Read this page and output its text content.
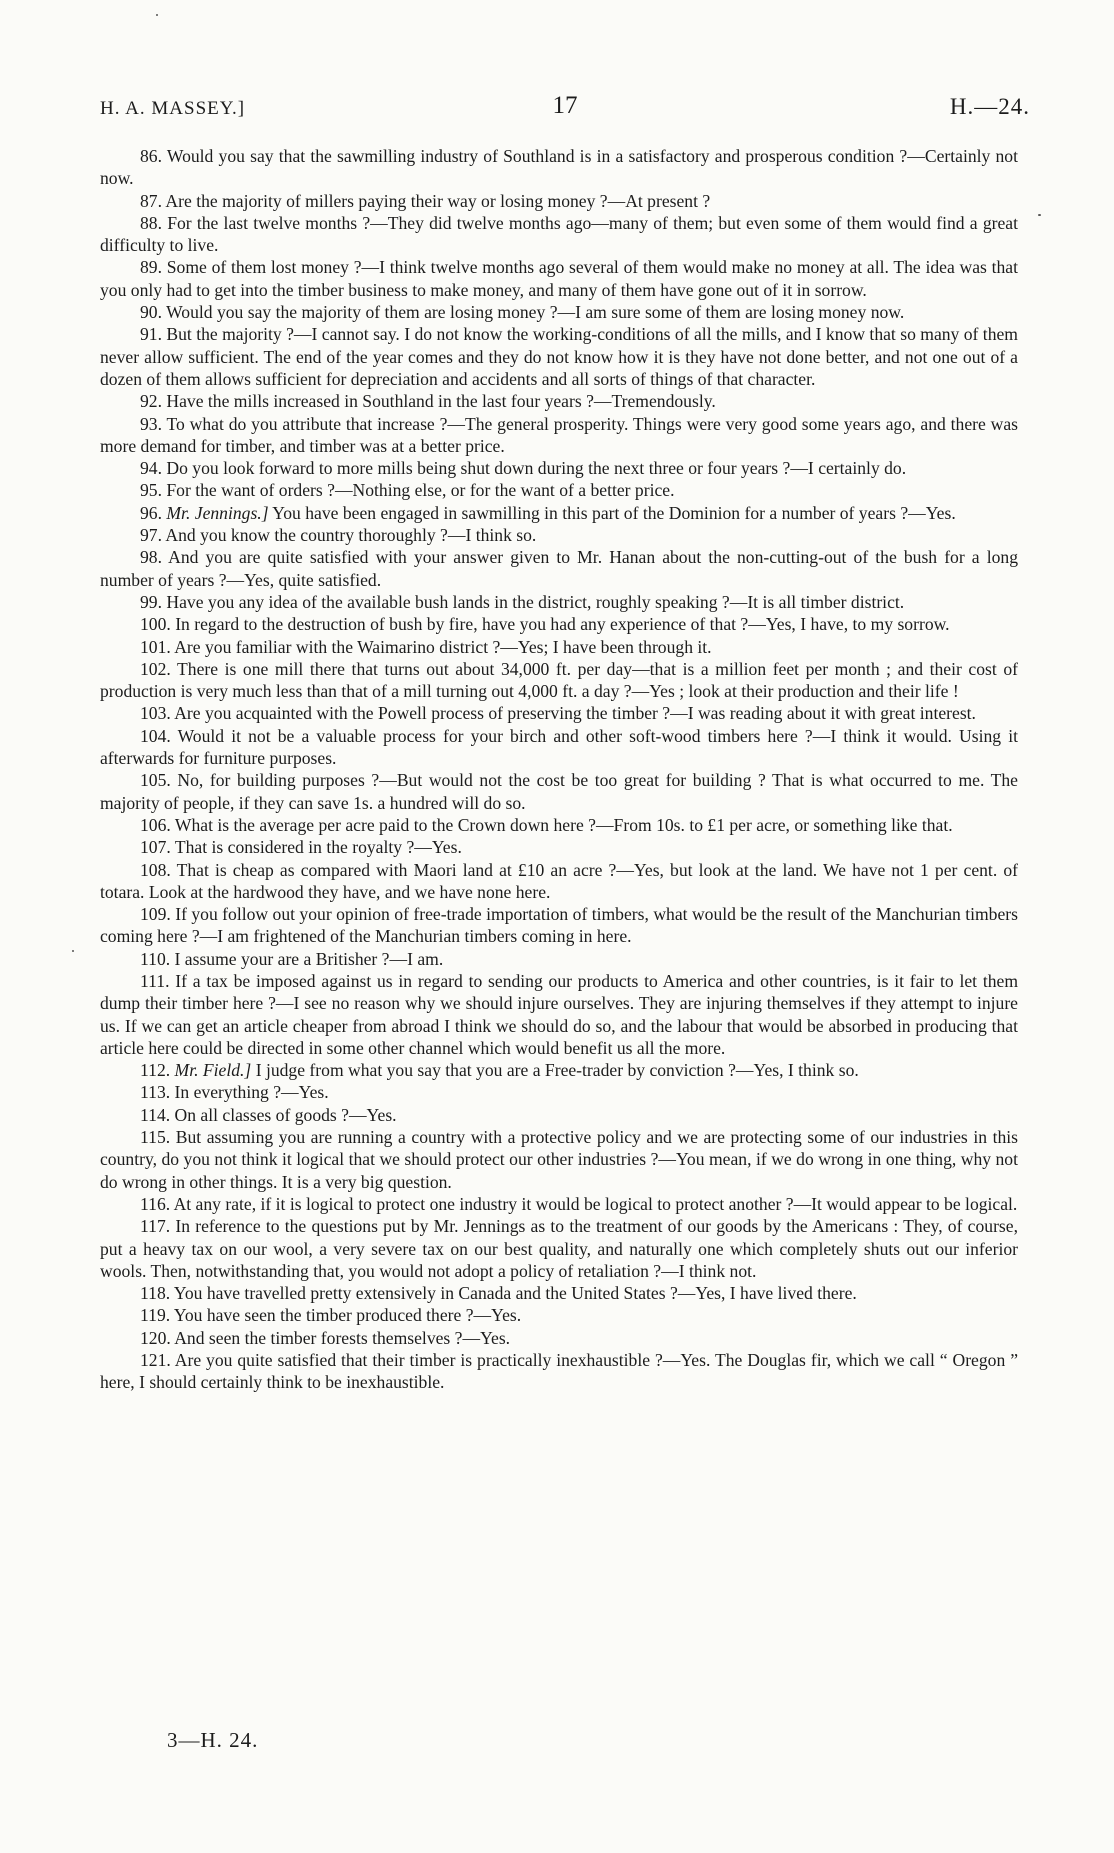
H. A. MASSEY.]	17	H.—24.

86. Would you say that the sawmilling industry of Southland is in a satisfactory and prosperous condition ?—Certainly not now.

87. Are the majority of millers paying their way or losing money ?—At present ?

88. For the last twelve months ?—They did twelve months ago—many of them; but even some of them would find a great difficulty to live.

89. Some of them lost money ?—I think twelve months ago several of them would make no money at all. The idea was that you only had to get into the timber business to make money, and many of them have gone out of it in sorrow.

90. Would you say the majority of them are losing money ?—I am sure some of them are losing money now.

91. But the majority ?—I cannot say. I do not know the working-conditions of all the mills, and I know that so many of them never allow sufficient. The end of the year comes and they do not know how it is they have not done better, and not one out of a dozen of them allows sufficient for depreciation and accidents and all sorts of things of that character.

92. Have the mills increased in Southland in the last four years ?—Tremendously.

93. To what do you attribute that increase ?—The general prosperity. Things were very good some years ago, and there was more demand for timber, and timber was at a better price.

94. Do you look forward to more mills being shut down during the next three or four years ?—I certainly do.

95. For the want of orders ?—Nothing else, or for the want of a better price.

96. Mr. Jennings.] You have been engaged in sawmilling in this part of the Dominion for a number of years ?—Yes.

97. And you know the country thoroughly ?—I think so.

98. And you are quite satisfied with your answer given to Mr. Hanan about the non-cutting-out of the bush for a long number of years ?—Yes, quite satisfied.

99. Have you any idea of the available bush lands in the district, roughly speaking ?—It is all timber district.

100. In regard to the destruction of bush by fire, have you had any experience of that ?—Yes, I have, to my sorrow.

101. Are you familiar with the Waimarino district ?—Yes; I have been through it.

102. There is one mill there that turns out about 34,000 ft. per day—that is a million feet per month ; and their cost of production is very much less than that of a mill turning out 4,000 ft. a day ?—Yes ; look at their production and their life !

103. Are you acquainted with the Powell process of preserving the timber ?—I was reading about it with great interest.

104. Would it not be a valuable process for your birch and other soft-wood timbers here ?—I think it would. Using it afterwards for furniture purposes.

105. No, for building purposes ?—But would not the cost be too great for building ? That is what occurred to me. The majority of people, if they can save 1s. a hundred will do so.

106. What is the average per acre paid to the Crown down here ?—From 10s. to £1 per acre, or something like that.

107. That is considered in the royalty ?—Yes.

108. That is cheap as compared with Maori land at £10 an acre ?—Yes, but look at the land. We have not 1 per cent. of totara. Look at the hardwood they have, and we have none here.

109. If you follow out your opinion of free-trade importation of timbers, what would be the result of the Manchurian timbers coming here ?—I am frightened of the Manchurian timbers coming in here.

110. I assume your are a Britisher ?—I am.

111. If a tax be imposed against us in regard to sending our products to America and other countries, is it fair to let them dump their timber here ?—I see no reason why we should injure ourselves. They are injuring themselves if they attempt to injure us. If we can get an article cheaper from abroad I think we should do so, and the labour that would be absorbed in producing that article here could be directed in some other channel which would benefit us all the more.

112. Mr. Field.] I judge from what you say that you are a Free-trader by conviction ?—Yes, I think so.

113. In everything ?—Yes.

114. On all classes of goods ?—Yes.

115. But assuming you are running a country with a protective policy and we are protecting some of our industries in this country, do you not think it logical that we should protect our other industries ?—You mean, if we do wrong in one thing, why not do wrong in other things. It is a very big question.

116. At any rate, if it is logical to protect one industry it would be logical to protect another ?—It would appear to be logical.

117. In reference to the questions put by Mr. Jennings as to the treatment of our goods by the Americans : They, of course, put a heavy tax on our wool, a very severe tax on our best quality, and naturally one which completely shuts out our inferior wools. Then, notwithstanding that, you would not adopt a policy of retaliation ?—I think not.

118. You have travelled pretty extensively in Canada and the United States ?—Yes, I have lived there.

119. You have seen the timber produced there ?—Yes.

120. And seen the timber forests themselves ?—Yes.

121. Are you quite satisfied that their timber is practically inexhaustible ?—Yes. The Douglas fir, which we call “ Oregon ” here, I should certainly think to be inexhaustible.

3—H. 24.
